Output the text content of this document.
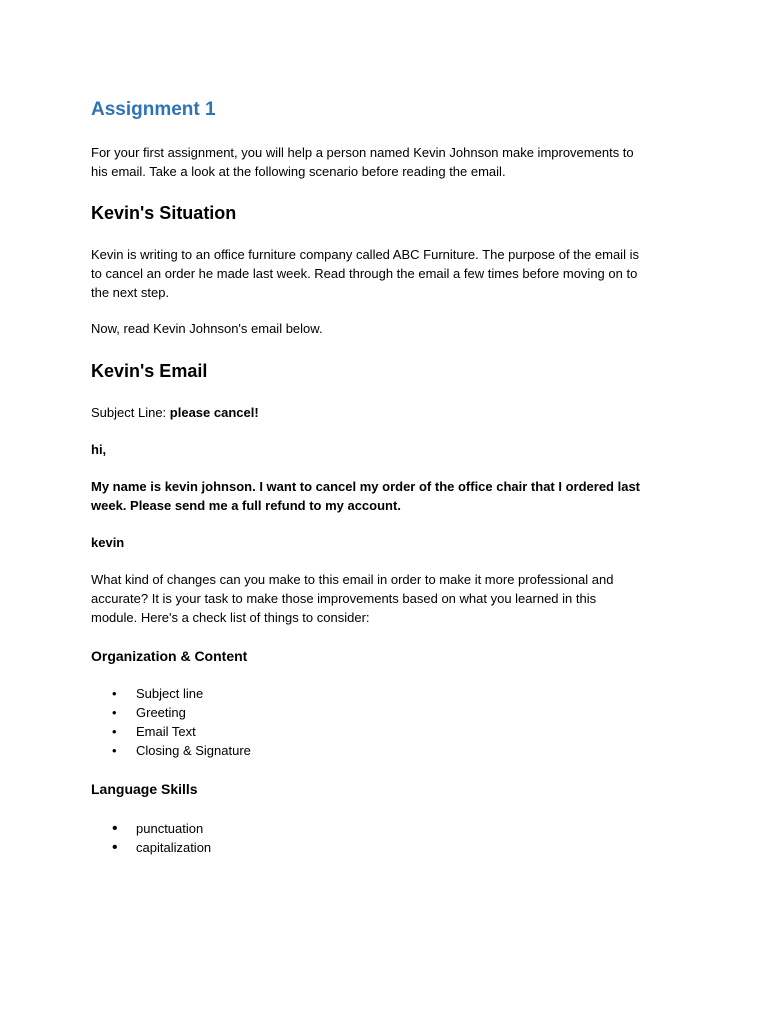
Assignment 1
For your first assignment, you will help a person named Kevin Johnson make improvements to
his email. Take a look at the following scenario before reading the email.
Kevin's Situation
Kevin is writing to an office furniture company called ABC Furniture. The purpose of the email is
to cancel an order he made last week. Read through the email a few times before moving on to
the next step.
Now, read Kevin Johnson's email below.
Kevin's Email
Subject Line: please cancel!
hi,
My name is kevin johnson. I want to cancel my order of the office chair that I ordered last
week. Please send me a full refund to my account.
kevin
What kind of changes can you make to this email in order to make it more professional and
accurate? It is your task to make those improvements based on what you learned in this
module. Here's a check list of things to consider:
Organization & Content
• Subject line
• Greeting
• Email Text
• Closing & Signature
Language Skills
• punctuation
• capitalization
